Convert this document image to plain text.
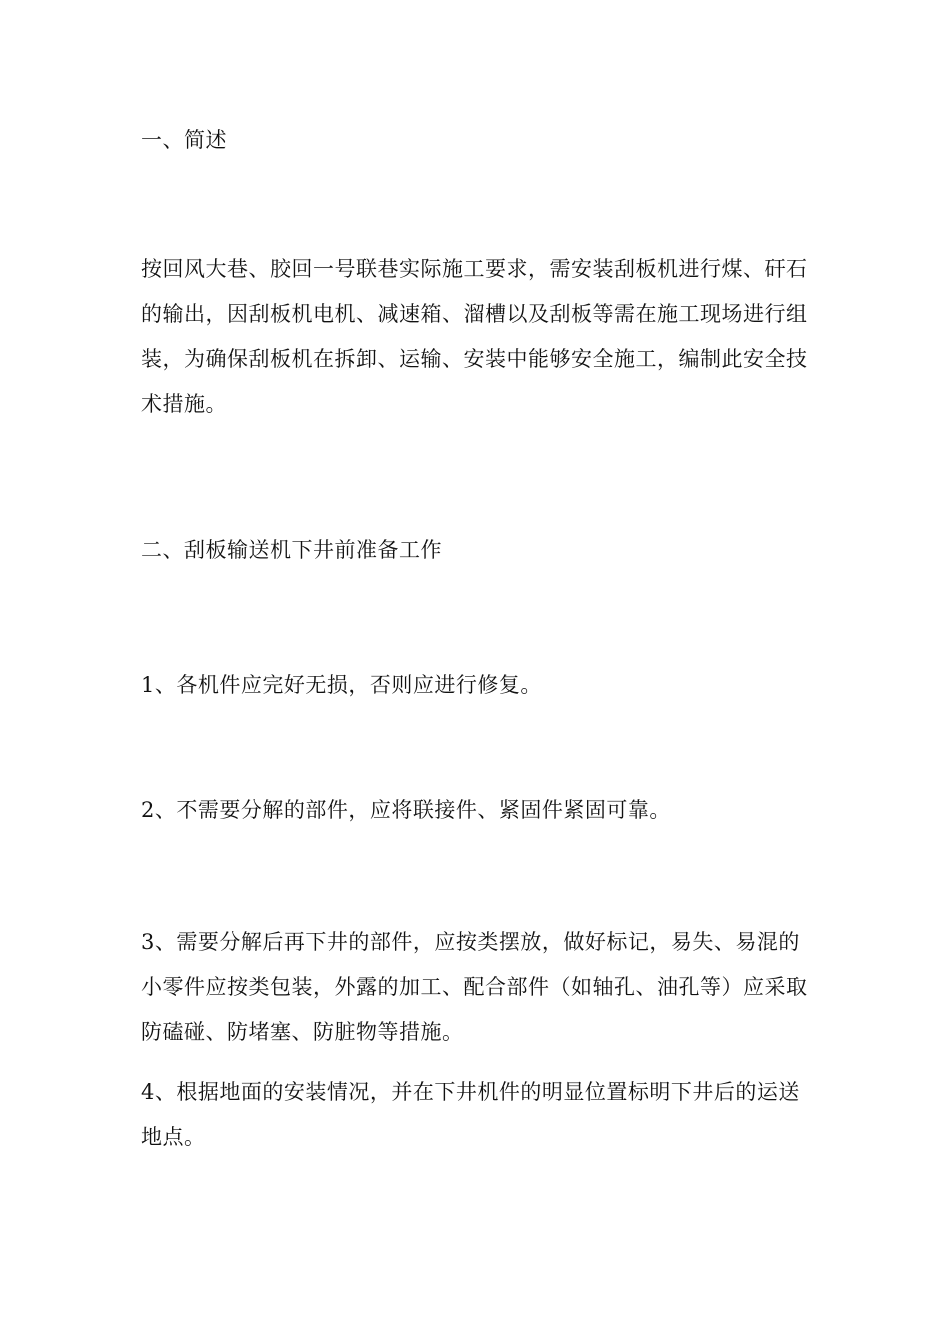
一、简述

按回风大巷、胶回一号联巷实际施工要求，需安装刮板机进行煤、矸石的输出，因刮板机电机、减速箱、溜槽以及刮板等需在施工现场进行组装，为确保刮板机在拆卸、运输、安装中能够安全施工，编制此安全技术措施。

二、刮板输送机下井前准备工作

1、各机件应完好无损，否则应进行修复。

2、不需要分解的部件，应将联接件、紧固件紧固可靠。

3、需要分解后再下井的部件，应按类摆放，做好标记，易失、易混的小零件应按类包装，外露的加工、配合部件（如轴孔、油孔等）应采取防磕碰、防堵塞、防脏物等措施。

4、根据地面的安装情况，并在下井机件的明显位置标明下井后的运送地点。
